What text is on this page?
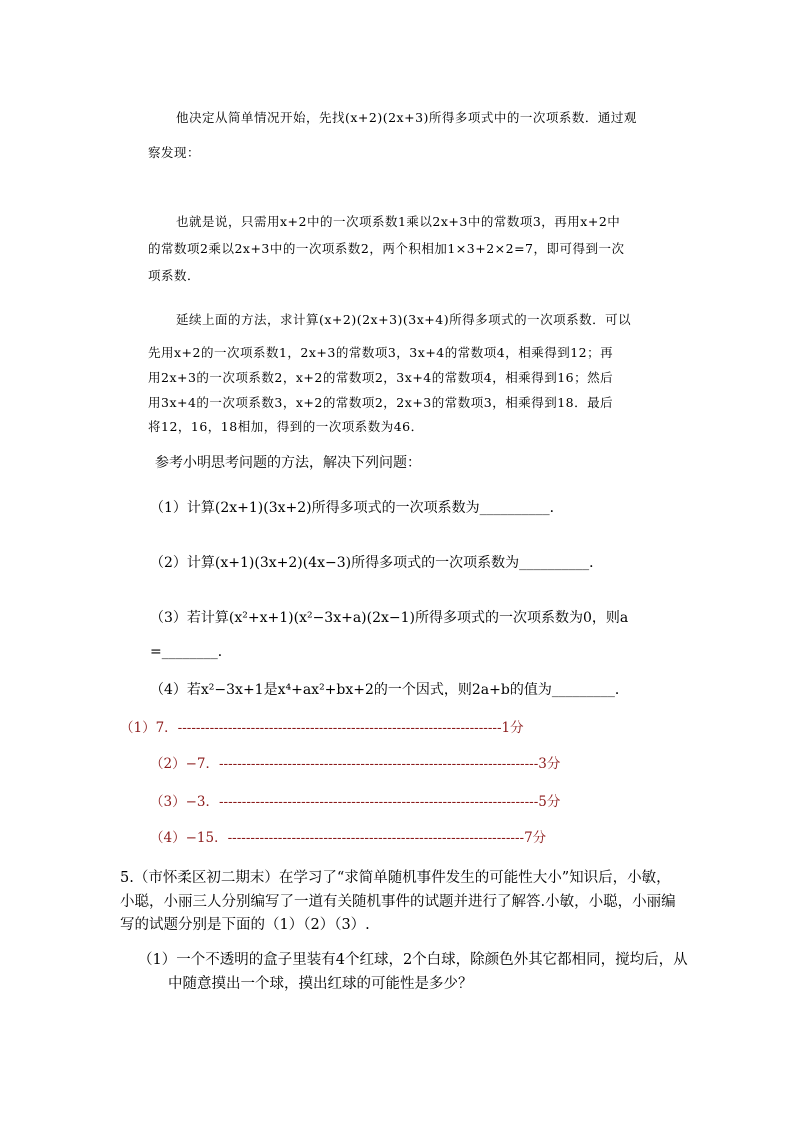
他决定从简单情况开始，先找(x+2)(2x+3)所得多项式中的一次项系数．通过观
察发现：
也就是说，只需用x+2中的一次项系数1乘以2x+3中的常数项3，再用x+2中
的常数项2乘以2x+3中的一次项系数2，两个积相加1×3+2×2=7，即可得到一次
项系数．
延续上面的方法，求计算(x+2)(2x+3)(3x+4)所得多项式的一次项系数．可以
先用x+2的一次项系数1，2x+3的常数项3，3x+4的常数项4，相乘得到12；再
用2x+3的一次项系数2，x+2的常数项2，3x+4的常数项4，相乘得到16；然后
用3x+4的一次项系数3，x+2的常数项2，2x+3的常数项3，相乘得到18．最后
将12，16，18相加，得到的一次项系数为46．
参考小明思考问题的方法，解决下列问题：
（1）计算(2x+1)(3x+2)所得多项式的一次项系数为__________．
（2）计算(x+1)(3x+2)(4x−3)所得多项式的一次项系数为__________．
（3）若计算(x²+x+1)(x²−3x+a)(2x−1)所得多项式的一次项系数为0，则a
=________．
（4）若x²−3x+1是x⁴+ax²+bx+2的一个因式，则2a+b的值为_________．
（1）7．-----------------------------------------------------------------------1分
（2）−7．----------------------------------------------------------------------3分
（3）−3．----------------------------------------------------------------------5分
（4）−15．-----------------------------------------------------------------7分
5.（市怀柔区初二期末）在学习了“求简单随机事件发生的可能性大小”知识后，小敏，
小聪，小丽三人分别编写了一道有关随机事件的试题并进行了解答.小敏，小聪，小丽编
写的试题分别是下面的（1）（2）（3）.
（1）一个不透明的盒子里装有4个红球，2个白球，除颜色外其它都相同，搅均后，从
中随意摸出一个球，摸出红球的可能性是多少？
